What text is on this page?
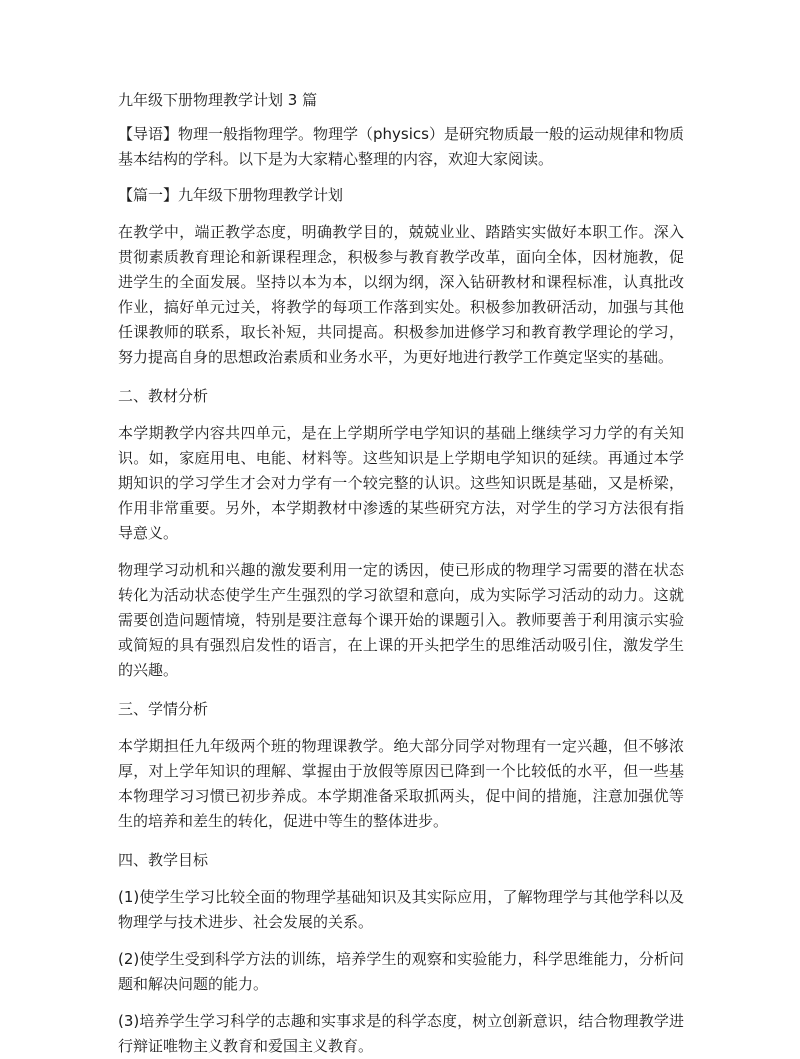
九年级下册物理教学计划 3 篇

【导语】物理一般指物理学。物理学（physics）是研究物质最一般的运动规律和物质基本结构的学科。以下是为大家精心整理的内容，欢迎大家阅读。

【篇一】九年级下册物理教学计划

在教学中，端正教学态度，明确教学目的，兢兢业业、踏踏实实做好本职工作。深入贯彻素质教育理论和新课程理念，积极参与教育教学改革，面向全体，因材施教，促进学生的全面发展。坚持以本为本，以纲为纲，深入钻研教材和课程标准，认真批改作业，搞好单元过关，将教学的每项工作落到实处。积极参加教研活动，加强与其他任课教师的联系，取长补短，共同提高。积极参加进修学习和教育教学理论的学习，努力提高自身的思想政治素质和业务水平，为更好地进行教学工作奠定坚实的基础。

二、教材分析

本学期教学内容共四单元，是在上学期所学电学知识的基础上继续学习力学的有关知识。如，家庭用电、电能、材料等。这些知识是上学期电学知识的延续。再通过本学期知识的学习学生才会对力学有一个较完整的认识。这些知识既是基础，又是桥梁，作用非常重要。另外，本学期教材中渗透的某些研究方法，对学生的学习方法很有指导意义。

物理学习动机和兴趣的激发要利用一定的诱因，使已形成的物理学习需要的潜在状态转化为活动状态使学生产生强烈的学习欲望和意向，成为实际学习活动的动力。这就需要创造问题情境，特别是要注意每个课开始的课题引入。教师要善于利用演示实验或简短的具有强烈启发性的语言，在上课的开头把学生的思维活动吸引住，激发学生的兴趣。

三、学情分析

本学期担任九年级两个班的物理课教学。绝大部分同学对物理有一定兴趣，但不够浓厚，对上学年知识的理解、掌握由于放假等原因已降到一个比较低的水平，但一些基本物理学习习惯已初步养成。本学期准备采取抓两头，促中间的措施，注意加强优等生的培养和差生的转化，促进中等生的整体进步。

四、教学目标

(1)使学生学习比较全面的物理学基础知识及其实际应用，了解物理学与其他学科以及物理学与技术进步、社会发展的关系。

(2)使学生受到科学方法的训练，培养学生的观察和实验能力，科学思维能力，分析问题和解决问题的能力。

(3)培养学生学习科学的志趣和实事求是的科学态度，树立创新意识，结合物理教学进行辩证唯物主义教育和爱国主义教育。
